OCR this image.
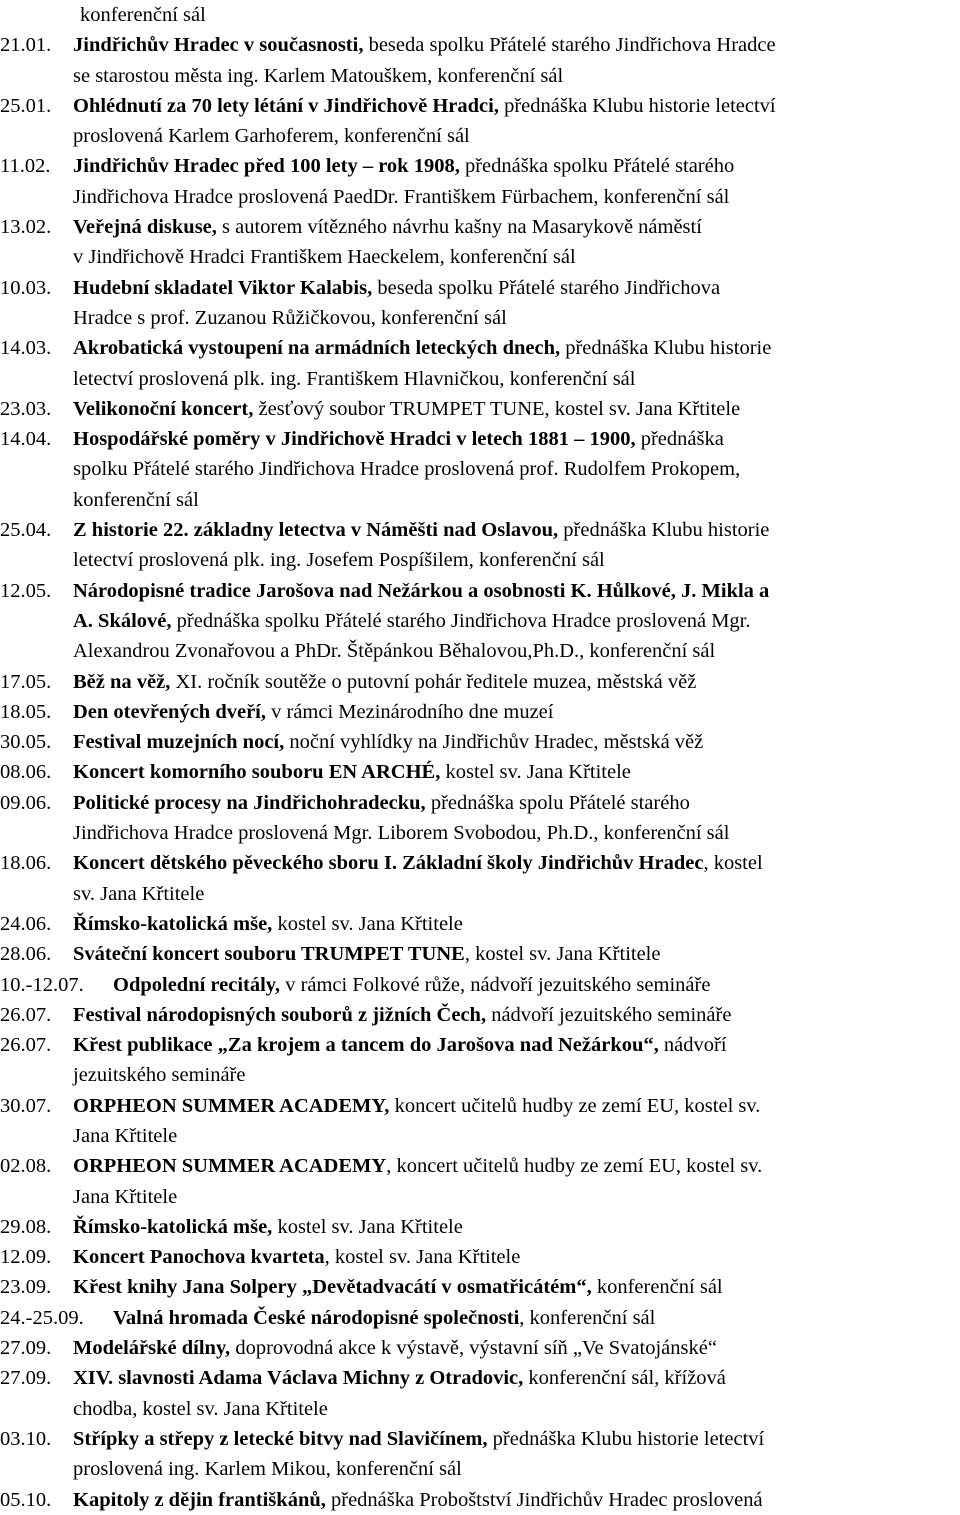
konferenční sál
21.01. Jindřichův Hradec v současnosti, beseda spolku Přátelé starého Jindřichova Hradce
se starostou města ing. Karlem Matouškem, konferenční sál
25.01. Ohlédnutí za 70 lety létání v Jindřichově Hradci, přednáška Klubu historie letectví
proslovená Karlem Garhoferem, konferenční sál
11.02. Jindřichův Hradec před 100 lety – rok 1908, přednáška spolku Přátelé starého
Jindřichova Hradce proslovená PaedDr. Františkem Fürbachem, konferenční sál
13.02. Veřejná diskuse, s autorem vítězného návrhu kašny na Masarykově náměstí
v Jindřichově Hradci Františkem Haeckelem, konferenční sál
10.03. Hudební skladatel Viktor Kalabis, beseda spolku Přátelé starého Jindřichova
Hradce s prof. Zuzanou Růžičkovou, konferenční sál
14.03. Akrobatická vystoupení na armádních leteckých dnech, přednáška Klubu historie
letectví proslovená plk. ing. Františkem Hlavničkou, konferenční sál
23.03. Velikonoční koncert, žesťový soubor TRUMPET TUNE, kostel sv. Jana Křtitele
14.04. Hospodářské poměry v Jindřichově Hradci v letech 1881 – 1900, přednáška
spolku Přátelé starého Jindřichova Hradce proslovená prof. Rudolfem Prokopem,
konferenční sál
25.04. Z historie 22. základny letectva v Náměšti nad Oslavou, přednáška Klubu historie
letectví proslovená plk. ing. Josefem Pospíšilem, konferenční sál
12.05. Národopisné tradice Jarošova nad Nežárkou a osobnosti K. Hůlkové, J. Mikla a
A. Skálové, přednáška spolku Přátelé starého Jindřichova Hradce proslovená Mgr.
Alexandrou Zvonařovou a PhDr. Štěpánkou Běhalovou,Ph.D., konferenční sál
17.05. Běž na věž, XI. ročník soutěže o putovní pohár ředitele muzea, městská věž
18.05. Den otevřených dveří, v rámci Mezinárodního dne muzeí
30.05. Festival muzejních nocí, noční vyhlídky na Jindřichův Hradec, městská věž
08.06. Koncert komorního souboru EN ARCHÉ, kostel sv. Jana Křtitele
09.06. Politické procesy na Jindřichohradecku, přednáška spolu Přátelé starého
Jindřichova Hradce proslovená Mgr. Liborem Svobodou, Ph.D., konferenční sál
18.06. Koncert dětského pěveckého sboru I. Základní školy Jindřichův Hradec, kostel
sv. Jana Křtitele
24.06. Římsko-katolická mše, kostel sv. Jana Křtitele
28.06. Sváteční koncert souboru TRUMPET TUNE, kostel sv. Jana Křtitele
10.-12.07. Odpolední recitály, v rámci Folkové růže, nádvoří jezuitského semináře
26.07. Festival národopisných souborů z jižních Čech, nádvoří jezuitského semináře
26.07. Křest publikace „Za krojem a tancem do Jarošova nad Nežárkou“, nádvoří
jezuitského semináře
30.07. ORPHEON SUMMER ACADEMY, koncert učitelů hudby ze zemí EU, kostel sv.
Jana Křtitele
02.08. ORPHEON SUMMER ACADEMY, koncert učitelů hudby ze zemí EU, kostel sv.
Jana Křtitele
29.08. Římsko-katolická mše, kostel sv. Jana Křtitele
12.09. Koncert Panochova kvarteta, kostel sv. Jana Křtitele
23.09. Křest knihy Jana Solpery „Devětadvacátí v osmatřicátém“, konferenční sál
24.-25.09. Valná hromada České národopisné společnosti, konferenční sál
27.09. Modelářské dílny, doprovodná akce k výstavě, výstavní síň „Ve Svatojánské“
27.09. XIV. slavnosti Adama Václava Michny z Otradovic, konferenční sál, křížová
chodba, kostel sv. Jana Křtitele
03.10. Střípky a střepy z letecké bitvy nad Slavičínem, přednáška Klubu historie letectví
proslovená ing. Karlem Mikou, konferenční sál
05.10. Kapitoly z dějin františkánů, přednáška Proboštství Jindřichův Hradec proslovená
